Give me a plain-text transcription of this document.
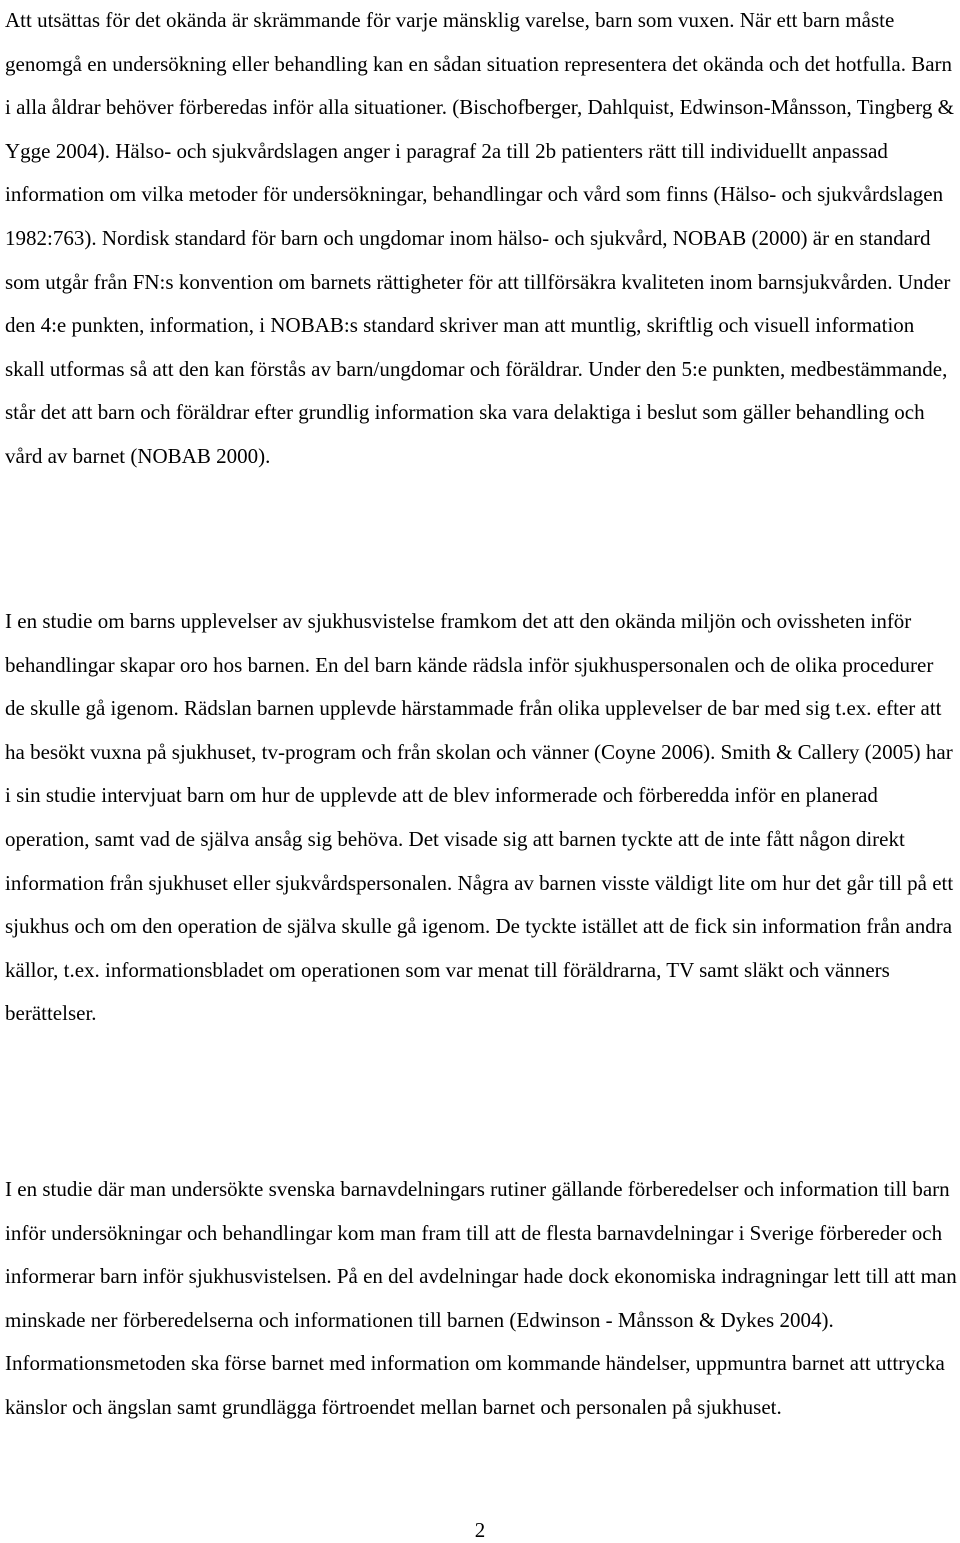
Att utsättas för det okända är skrämmande för varje mänsklig varelse, barn som vuxen. När ett barn måste genomgå en undersökning eller behandling kan en sådan situation representera det okända och det hotfulla. Barn i alla åldrar behöver förberedas inför alla situationer. (Bischofberger, Dahlquist, Edwinson-Månsson, Tingberg & Ygge 2004). Hälso- och sjukvårdslagen anger i paragraf 2a till 2b patienters rätt till individuellt anpassad information om vilka metoder för undersökningar, behandlingar och vård som finns (Hälso- och sjukvårdslagen 1982:763). Nordisk standard för barn och ungdomar inom hälso- och sjukvård, NOBAB (2000) är en standard som utgår från FN:s konvention om barnets rättigheter för att tillförsäkra kvaliteten inom barnsjukvården. Under den 4:e punkten, information, i NOBAB:s standard skriver man att muntlig, skriftlig och visuell information skall utformas så att den kan förstås av barn/ungdomar och föräldrar. Under den 5:e punkten, medbestämmande, står det att barn och föräldrar efter grundlig information ska vara delaktiga i beslut som gäller behandling och vård av barnet (NOBAB 2000).

I en studie om barns upplevelser av sjukhusvistelse framkom det att den okända miljön och ovissheten inför behandlingar skapar oro hos barnen. En del barn kände rädsla inför sjukhuspersonalen och de olika procedurer de skulle gå igenom. Rädslan barnen upplevde härstammade från olika upplevelser de bar med sig t.ex. efter att ha besökt vuxna på sjukhuset, tv-program och från skolan och vänner (Coyne 2006). Smith & Callery (2005) har i sin studie intervjuat barn om hur de upplevde att de blev informerade och förberedda inför en planerad operation, samt vad de själva ansåg sig behöva. Det visade sig att barnen tyckte att de inte fått någon direkt information från sjukhuset eller sjukvårdspersonalen. Några av barnen visste väldigt lite om hur det går till på ett sjukhus och om den operation de själva skulle gå igenom. De tyckte istället att de fick sin information från andra källor, t.ex. informationsbladet om operationen som var menat till föräldrarna, TV samt släkt och vänners berättelser.

I en studie där man undersökte svenska barnavdelningars rutiner gällande förberedelser och information till barn inför undersökningar och behandlingar kom man fram till att de flesta barnavdelningar i Sverige förbereder och informerar barn inför sjukhusvistelsen. På en del avdelningar hade dock ekonomiska indragningar lett till att man minskade ner förberedelserna och informationen till barnen (Edwinson - Månsson & Dykes 2004). Informationsmetoden ska förse barnet med information om kommande händelser, uppmuntra barnet att uttrycka känslor och ängslan samt grundlägga förtroendet mellan barnet och personalen på sjukhuset.

2
